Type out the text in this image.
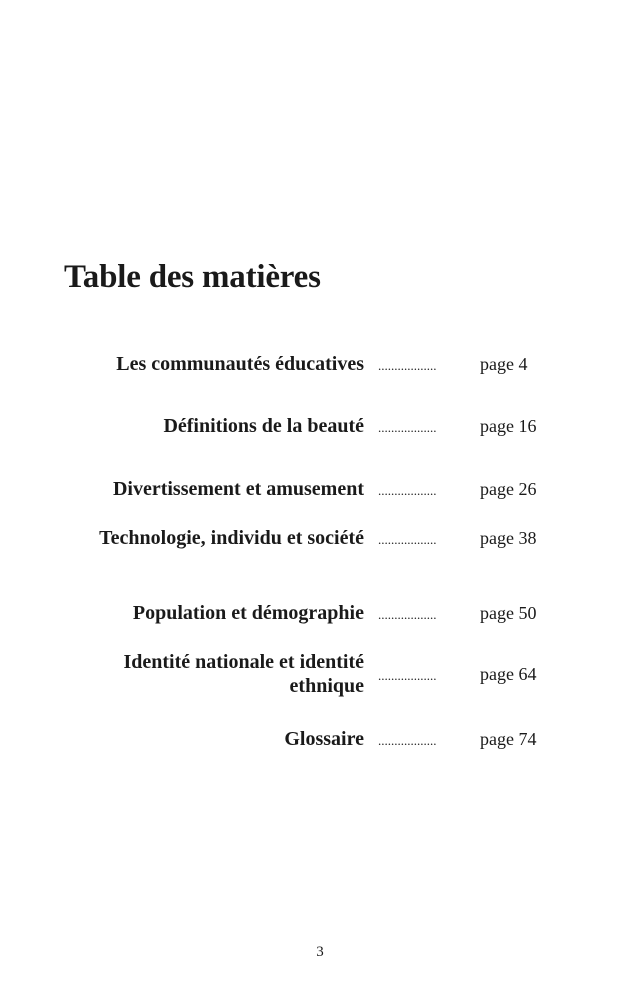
Table des matières
Les communautés éducatives ..................	page 4
Définitions de la beauté ..................	page 16
Divertissement et amusement ..................	page 26
Technologie, individu et société ..................	page 38
Population et démographie ..................	page 50
Identité nationale et identité ethnique ..................	page 64
Glossaire ..................	page 74
3
